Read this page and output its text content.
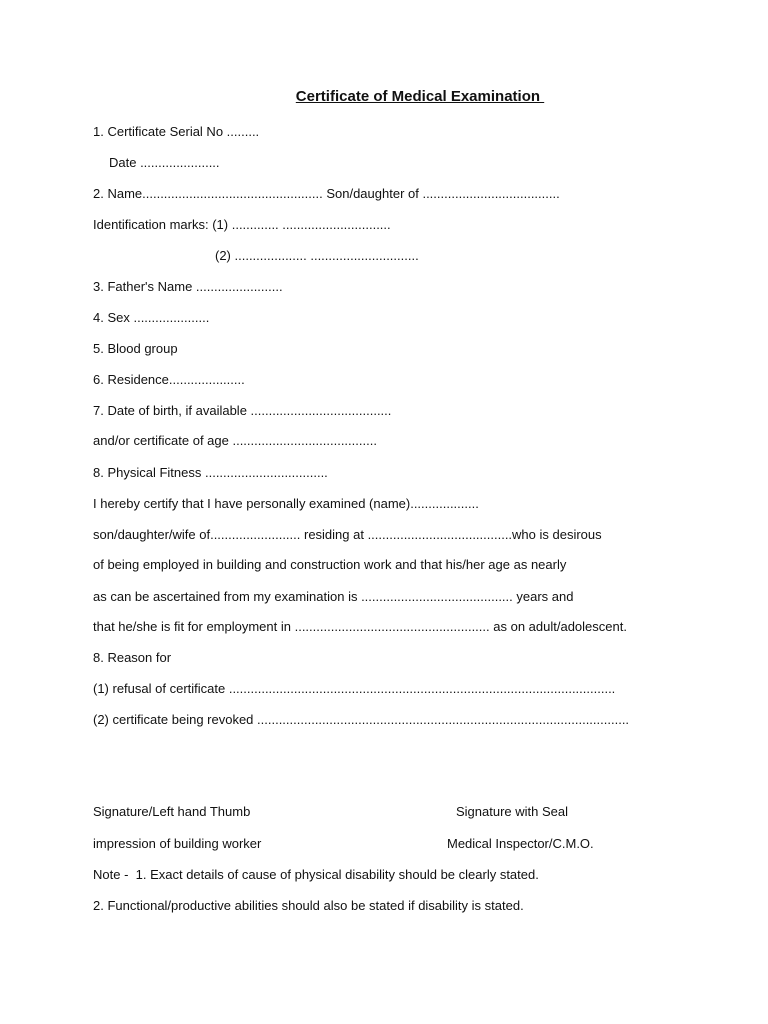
Certificate of Medical Examination
1. Certificate Serial No .........
Date ......................
2. Name.................................................. Son/daughter of ......................................
Identification marks: (1) ............. ..............................
(2) .................... ..............................
3. Father's Name ........................
4. Sex .....................
5. Blood group
6. Residence.....................
7. Date of birth, if available .......................................
and/or certificate of age ........................................
8. Physical Fitness ..................................
I hereby certify that I have personally examined (name)...................
son/daughter/wife of......................... residing at ........................................who is desirous
of being employed in building and construction work and that his/her age as nearly
as can be ascertained from my examination is .......................................... years and
that he/she is fit for employment in ...................................................... as on adult/adolescent.
8. Reason for
(1) refusal of certificate ...........................................................................................................
(2) certificate being revoked .......................................................................................................
Signature/Left hand Thumb	Signature with Seal
impression of building worker	Medical Inspector/C.M.O.
Note -  1. Exact details of cause of physical disability should be clearly stated.
2. Functional/productive abilities should also be stated if disability is stated.
